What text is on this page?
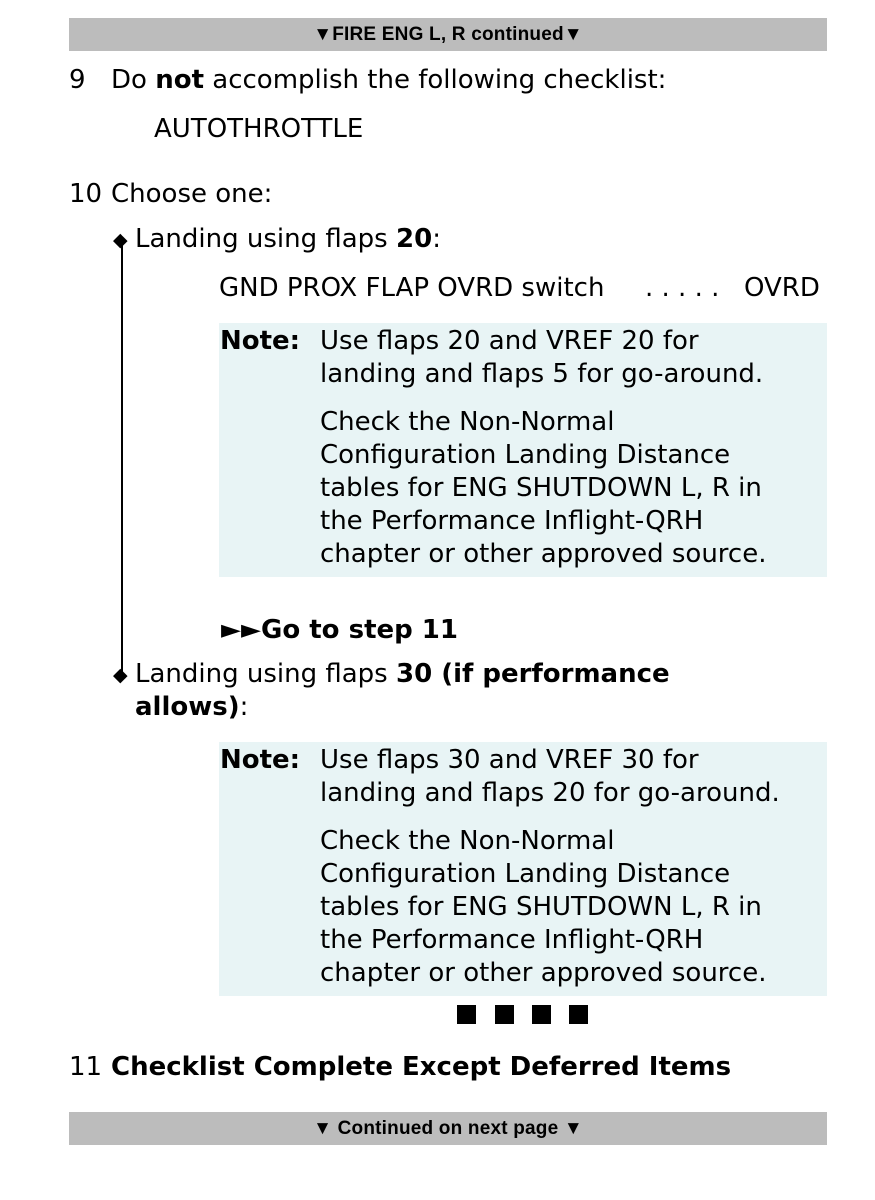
▼FIRE ENG L, R continued▼
9 Do not accomplish the following checklist:
AUTOTHROTTLE
10 Choose one:
◆ Landing using flaps 20:
GND PROX FLAP OVRD switch . . . . . OVRD
Note: Use flaps 20 and VREF 20 for
landing and flaps 5 for go-around.
Check the Non-Normal
Configuration Landing Distance
tables for ENG SHUTDOWN L, R in
the Performance Inflight-QRH
chapter or other approved source.
►►Go to step 11
◆ Landing using flaps 30 (if performance
allows):
Note: Use flaps 30 and VREF 30 for
landing and flaps 20 for go-around.
Check the Non-Normal
Configuration Landing Distance
tables for ENG SHUTDOWN L, R in
the Performance Inflight-QRH
chapter or other approved source.
11 Checklist Complete Except Deferred Items
▼ Continued on next page ▼
